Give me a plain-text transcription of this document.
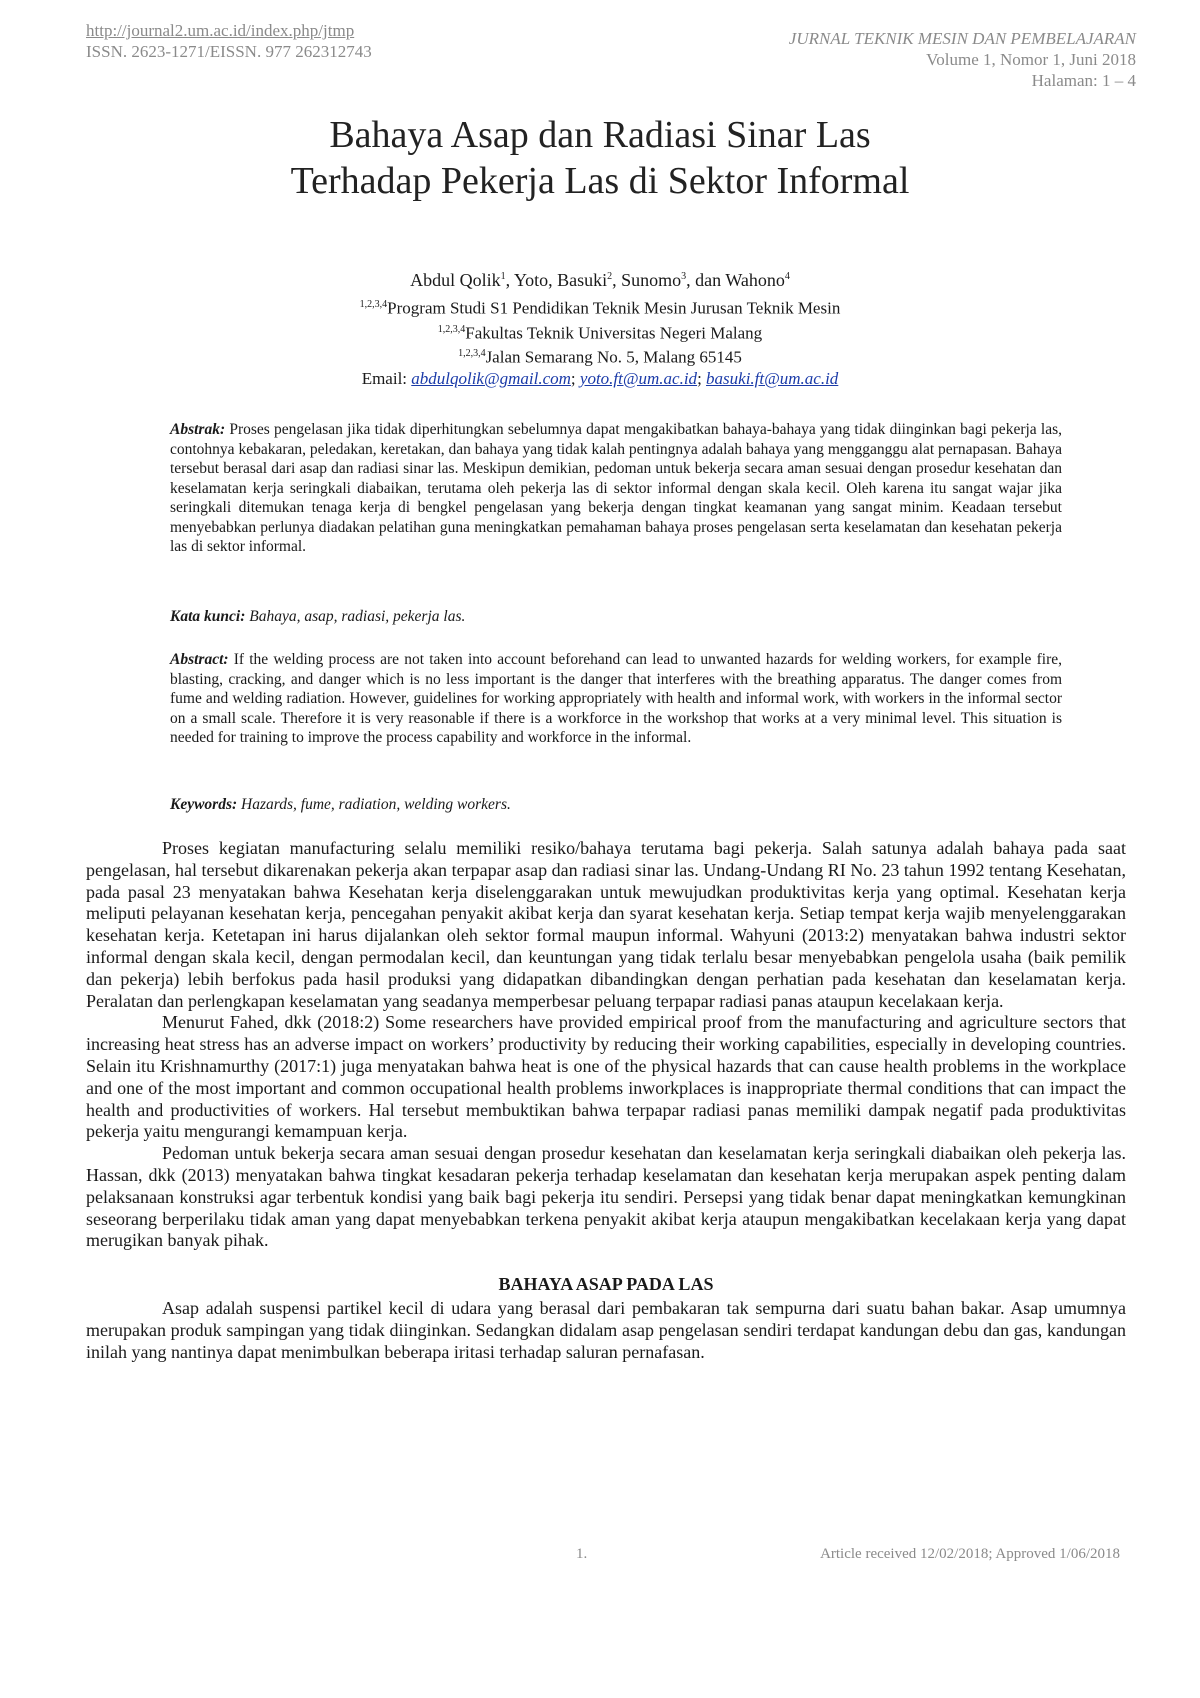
http://journal2.um.ac.id/index.php/jtmp
ISSN. 2623-1271/EISSN. 977 262312743
JURNAL TEKNIK MESIN DAN PEMBELAJARAN
Volume 1, Nomor 1, Juni 2018
Halaman: 1 – 4
Bahaya Asap dan Radiasi Sinar Las
Terhadap Pekerja Las di Sektor Informal
Abdul Qolik$^1$, Yoto, Basuki$^2$, Sunomo$^3$, dan Wahono$^4$
$^{1,2,3,4}$Program Studi S1 Pendidikan Teknik Mesin Jurusan Teknik Mesin
$^{1,2,3,4}$Fakultas Teknik Universitas Negeri Malang
$^{1,2,3,4}$Jalan Semarang No. 5, Malang 65145
Email: abdulqolik@gmail.com; yoto.ft@um.ac.id; basuki.ft@um.ac.id
Abstrak: Proses pengelasan jika tidak diperhitungkan sebelumnya dapat mengakibatkan bahaya-bahaya yang tidak diinginkan bagi pekerja las, contohnya kebakaran, peledakan, keretakan, dan bahaya yang tidak kalah pentingnya adalah bahaya yang mengganggu alat pernapasan. Bahaya tersebut berasal dari asap dan radiasi sinar las. Meskipun demikian, pedoman untuk bekerja secara aman sesuai dengan prosedur kesehatan dan keselamatan kerja seringkali diabaikan, terutama oleh pekerja las di sektor informal dengan skala kecil. Oleh karena itu sangat wajar jika seringkali ditemukan tenaga kerja di bengkel pengelasan yang bekerja dengan tingkat keamanan yang sangat minim. Keadaan tersebut menyebabkan perlunya diadakan pelatihan guna meningkatkan pemahaman bahaya proses pengelasan serta keselamatan dan kesehatan pekerja las di sektor informal.
Kata kunci: Bahaya, asap, radiasi, pekerja las.
Abstract: If the welding process are not taken into account beforehand can lead to unwanted hazards for welding workers, for example fire, blasting, cracking, and danger which is no less important is the danger that interferes with the breathing apparatus. The danger comes from fume and welding radiation. However, guidelines for working appropriately with health and informal work, with workers in the informal sector on a small scale. Therefore it is very reasonable if there is a workforce in the workshop that works at a very minimal level. This situation is needed for training to improve the process capability and workforce in the informal.
Keywords: Hazards, fume, radiation, welding workers.

Proses kegiatan manufacturing selalu memiliki resiko/bahaya terutama bagi pekerja. Salah satunya adalah bahaya pada saat pengelasan, hal tersebut dikarenakan pekerja akan terpapar asap dan radiasi sinar las. Undang-Undang RI No. 23 tahun 1992 tentang Kesehatan, pada pasal 23 menyatakan bahwa Kesehatan kerja diselenggarakan untuk mewujudkan produktivitas kerja yang optimal. Kesehatan kerja meliputi pelayanan kesehatan kerja, pencegahan penyakit akibat kerja dan syarat kesehatan kerja. Setiap tempat kerja wajib menyelenggarakan kesehatan kerja. Ketetapan ini harus dijalankan oleh sektor formal maupun informal. Wahyuni (2013:2) menyatakan bahwa industri sektor informal dengan skala kecil, dengan permodalan kecil, dan keuntungan yang tidak terlalu besar menyebabkan pengelola usaha (baik pemilik dan pekerja) lebih berfokus pada hasil produksi yang didapatkan dibandingkan dengan perhatian pada kesehatan dan keselamatan kerja. Peralatan dan perlengkapan keselamatan yang seadanya memperbesar peluang terpapar radiasi panas ataupun kecelakaan kerja.

Menurut Fahed, dkk (2018:2) Some researchers have provided empirical proof from the manufacturing and agriculture sectors that increasing heat stress has an adverse impact on workers’ productivity by reducing their working capabilities, especially in developing countries. Selain itu Krishnamurthy (2017:1) juga menyatakan bahwa heat is one of the physical hazards that can cause health problems in the workplace and one of the most important and common occupational health problems inworkplaces is inappropriate thermal conditions that can impact the health and productivities of workers. Hal tersebut membuktikan bahwa terpapar radiasi panas memiliki dampak negatif pada produktivitas pekerja yaitu mengurangi kemampuan kerja.

Pedoman untuk bekerja secara aman sesuai dengan prosedur kesehatan dan keselamatan kerja seringkali diabaikan oleh pekerja las. Hassan, dkk (2013) menyatakan bahwa tingkat kesadaran pekerja terhadap keselamatan dan kesehatan kerja merupakan aspek penting dalam pelaksanaan konstruksi agar terbentuk kondisi yang baik bagi pekerja itu sendiri. Persepsi yang tidak benar dapat meningkatkan kemungkinan seseorang berperilaku tidak aman yang dapat menyebabkan terkena penyakit akibat kerja ataupun mengakibatkan kecelakaan kerja yang dapat merugikan banyak pihak.

BAHAYA ASAP PADA LAS

Asap adalah suspensi partikel kecil di udara yang berasal dari pembakaran tak sempurna dari suatu bahan bakar. Asap umumnya merupakan produk sampingan yang tidak diinginkan. Sedangkan didalam asap pengelasan sendiri terdapat kandungan debu dan gas, kandungan inilah yang nantinya dapat menimbulkan beberapa iritasi terhadap saluran pernafasan.

1.	Article received 12/02/2018; Approved 1/06/2018
